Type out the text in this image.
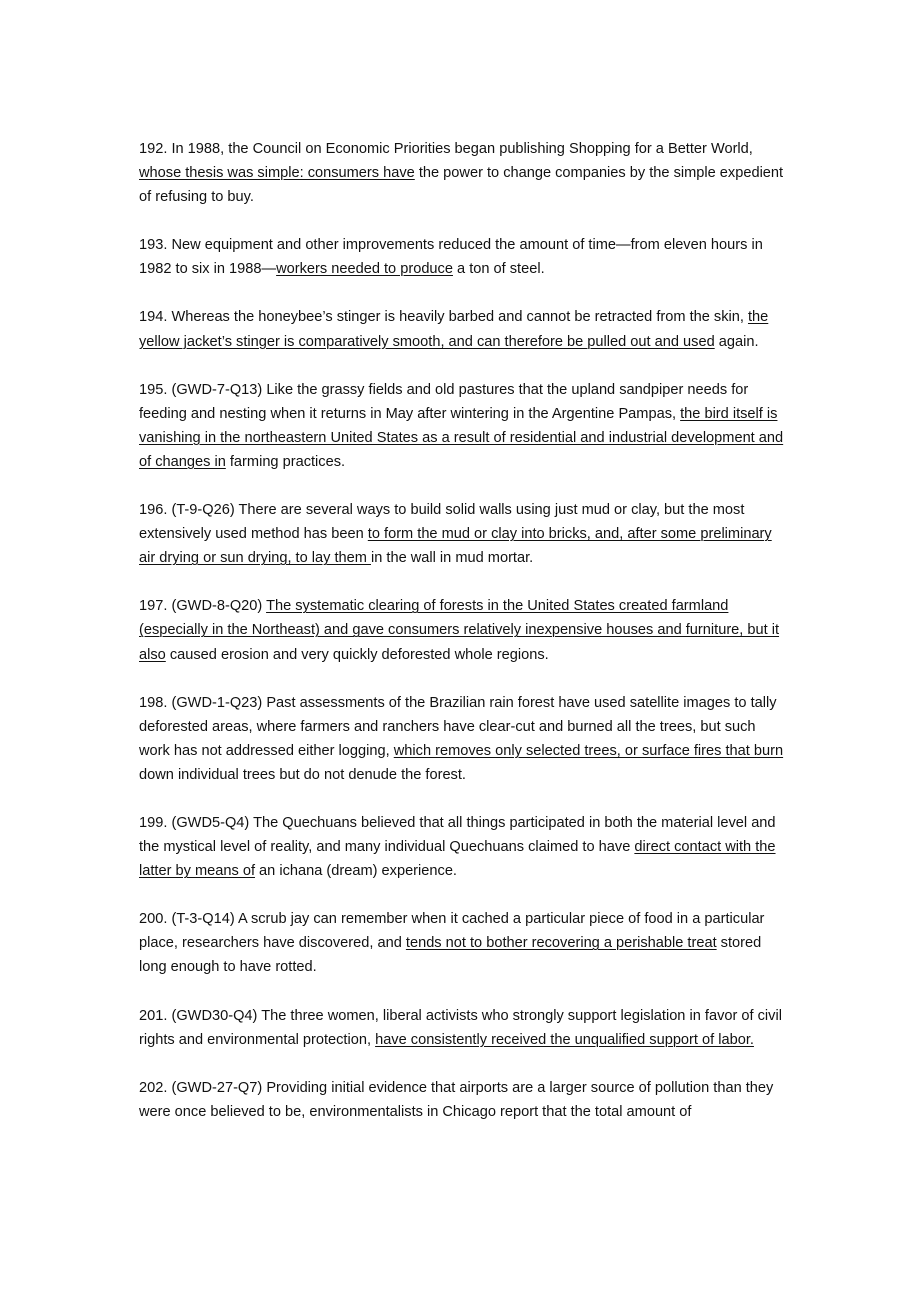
192. In 1988, the Council on Economic Priorities began publishing Shopping for a Better World, whose thesis was simple: consumers have the power to change companies by the simple expedient of refusing to buy.

193. New equipment and other improvements reduced the amount of time—from eleven hours in 1982 to six in 1988—workers needed to produce a ton of steel.

194. Whereas the honeybee’s stinger is heavily barbed and cannot be retracted from the skin, the yellow jacket’s stinger is comparatively smooth, and can therefore be pulled out and used again.

195. (GWD-7-Q13) Like the grassy fields and old pastures that the upland sandpiper needs for feeding and nesting when it returns in May after wintering in the Argentine Pampas, the bird itself is vanishing in the northeastern United States as a result of residential and industrial development and of changes in farming practices.

196. (T-9-Q26) There are several ways to build solid walls using just mud or clay, but the most extensively used method has been to form the mud or clay into bricks, and, after some preliminary air drying or sun drying, to lay them in the wall in mud mortar.

197. (GWD-8-Q20) The systematic clearing of forests in the United States created farmland (especially in the Northeast) and gave consumers relatively inexpensive houses and furniture, but it also caused erosion and very quickly deforested whole regions.

198. (GWD-1-Q23) Past assessments of the Brazilian rain forest have used satellite images to tally deforested areas, where farmers and ranchers have clear-cut and burned all the trees, but such work has not addressed either logging, which removes only selected trees, or surface fires that burn down individual trees but do not denude the forest.

199. (GWD5-Q4) The Quechuans believed that all things participated in both the material level and the mystical level of reality, and many individual Quechuans claimed to have direct contact with the latter by means of an ichana (dream) experience.

200. (T-3-Q14) A scrub jay can remember when it cached a particular piece of food in a particular place, researchers have discovered, and tends not to bother recovering a perishable treat stored long enough to have rotted.

201. (GWD30-Q4) The three women, liberal activists who strongly support legislation in favor of civil rights and environmental protection, have consistently received the unqualified support of labor.

202. (GWD-27-Q7) Providing initial evidence that airports are a larger source of pollution than they were once believed to be, environmentalists in Chicago report that the total amount of
